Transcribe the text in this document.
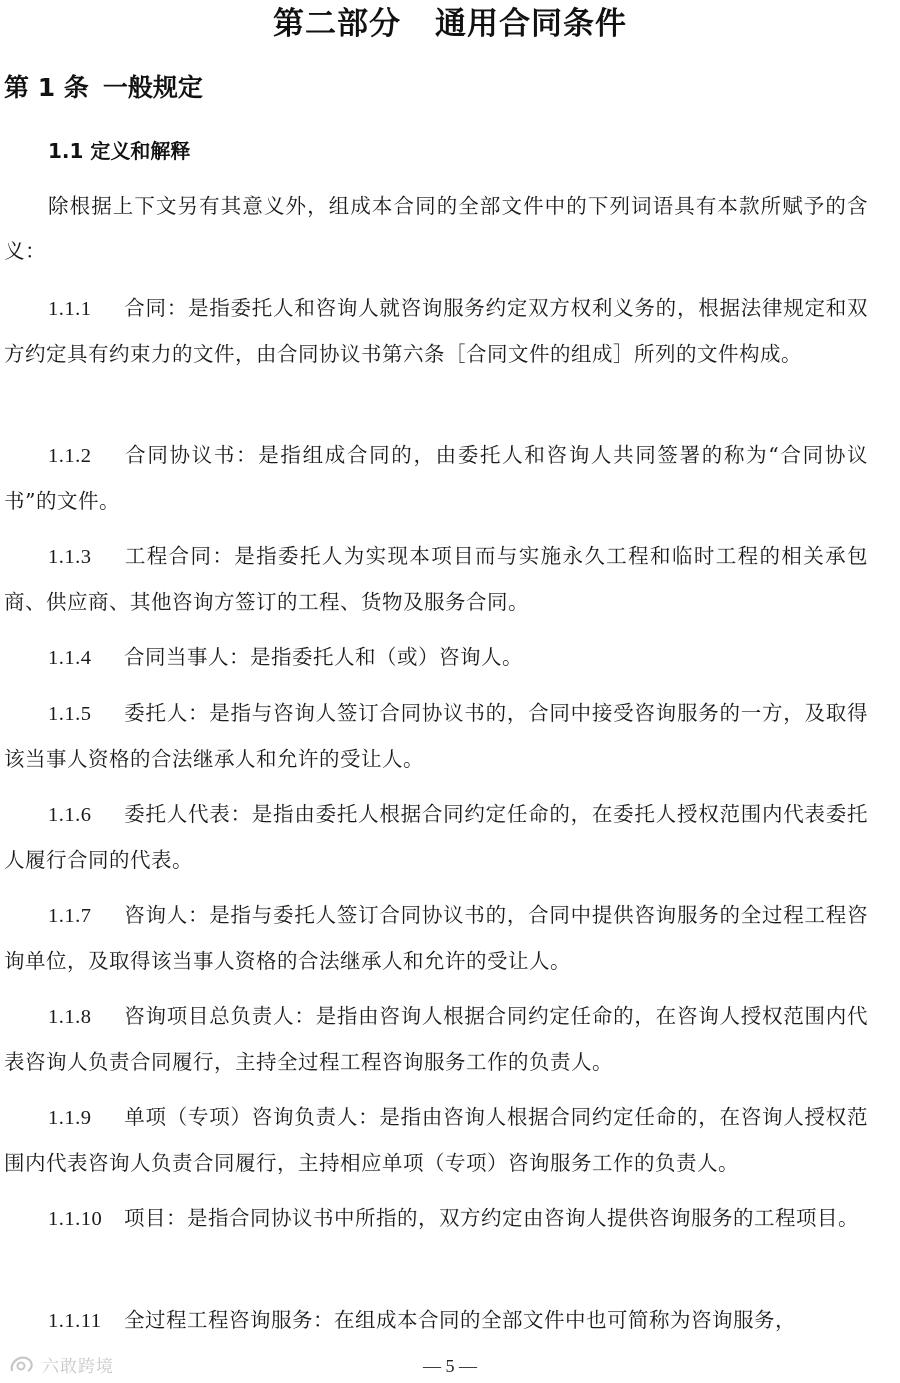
第二部分 通用合同条件
第 1 条 一般规定
1.1 定义和解释

除根据上下文另有其意义外，组成本合同的全部文件中的下列词语具有本款所赋予的含义：

1.1.1 合同：是指委托人和咨询人就咨询服务约定双方权利义务的，根据法律规定和双方约定具有约束力的文件，由合同协议书第六条［合同文件的组成］所列的文件构成。

1.1.2 合同协议书：是指组成合同的，由委托人和咨询人共同签署的称为“合同协议书”的文件。

1.1.3 工程合同：是指委托人为实现本项目而与实施永久工程和临时工程的相关承包商、供应商、其他咨询方签订的工程、货物及服务合同。

1.1.4 合同当事人：是指委托人和（或）咨询人。

1.1.5 委托人：是指与咨询人签订合同协议书的，合同中接受咨询服务的一方，及取得该当事人资格的合法继承人和允许的受让人。

1.1.6 委托人代表：是指由委托人根据合同约定任命的，在委托人授权范围内代表委托人履行合同的代表。

1.1.7 咨询人：是指与委托人签订合同协议书的，合同中提供咨询服务的全过程工程咨询单位，及取得该当事人资格的合法继承人和允许的受让人。

1.1.8 咨询项目总负责人：是指由咨询人根据合同约定任命的，在咨询人授权范围内代表咨询人负责合同履行，主持全过程工程咨询服务工作的负责人。

1.1.9 单项（专项）咨询负责人：是指由咨询人根据合同约定任命的，在咨询人授权范围内代表咨询人负责合同履行，主持相应单项（专项）咨询服务工作的负责人。

1.1.10 项目：是指合同协议书中所指的，双方约定由咨询人提供咨询服务的工程项目。

1.1.11 全过程工程咨询服务：在组成本合同的全部文件中也可简称为咨询服务，

— 5 —
六敢跨境
